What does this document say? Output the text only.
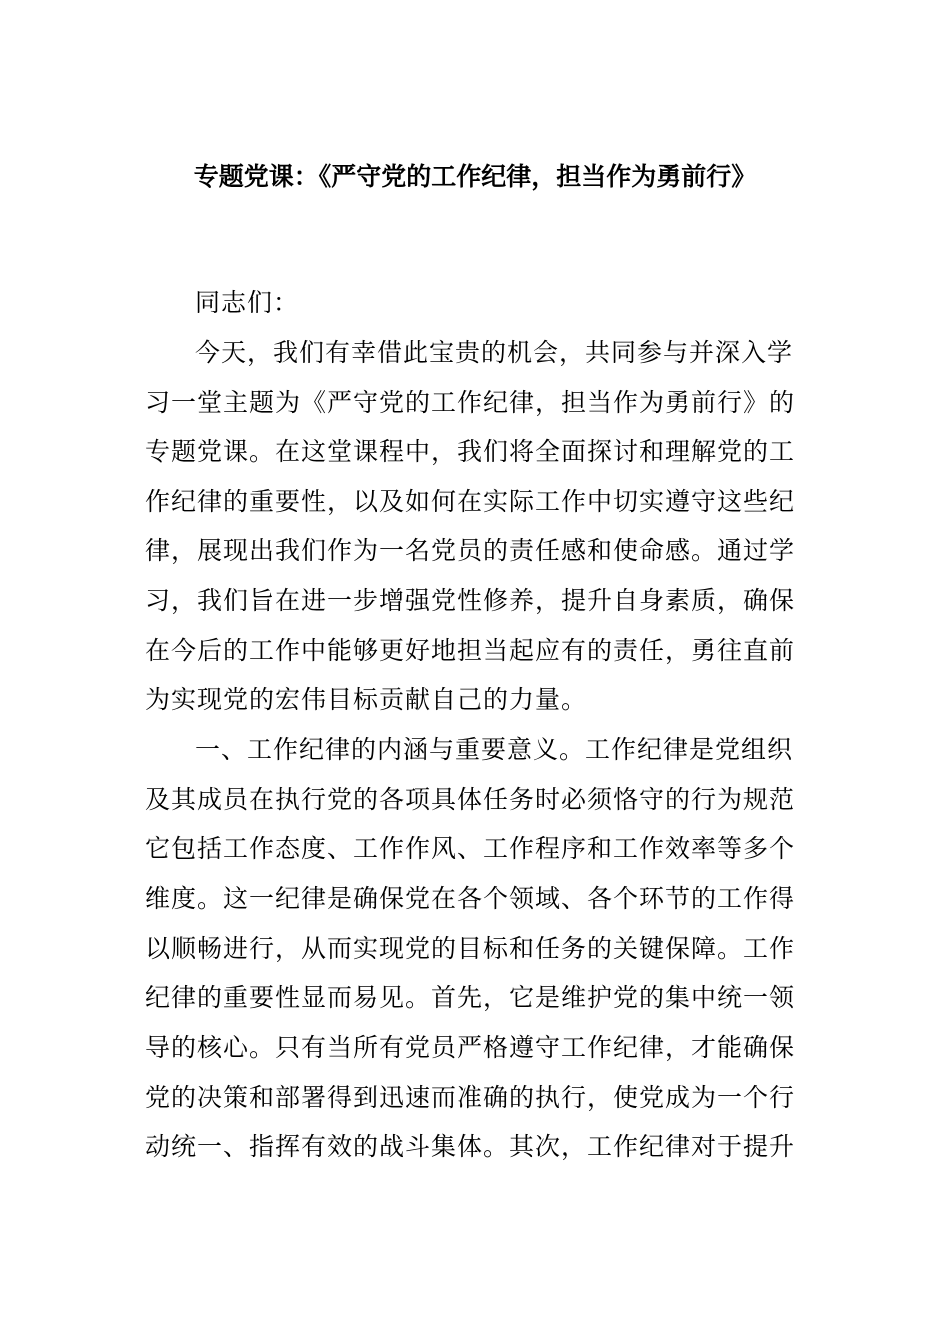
专题党课：《严守党的工作纪律，担当作为勇前行》
同志们：
今天，我们有幸借此宝贵的机会，共同参与并深入学
习一堂主题为《严守党的工作纪律，担当作为勇前行》的
专题党课。在这堂课程中，我们将全面探讨和理解党的工
作纪律的重要性，以及如何在实际工作中切实遵守这些纪
律，展现出我们作为一名党员的责任感和使命感。通过学
习，我们旨在进一步增强党性修养，提升自身素质，确保
在今后的工作中能够更好地担当起应有的责任，勇往直前
为实现党的宏伟目标贡献自己的力量。
一、工作纪律的内涵与重要意义。工作纪律是党组织
及其成员在执行党的各项具体任务时必须恪守的行为规范
它包括工作态度、工作作风、工作程序和工作效率等多个
维度。这一纪律是确保党在各个领域、各个环节的工作得
以顺畅进行，从而实现党的目标和任务的关键保障。工作
纪律的重要性显而易见。首先，它是维护党的集中统一领
导的核心。只有当所有党员严格遵守工作纪律，才能确保
党的决策和部署得到迅速而准确的执行，使党成为一个行
动统一、指挥有效的战斗集体。其次，工作纪律对于提升
